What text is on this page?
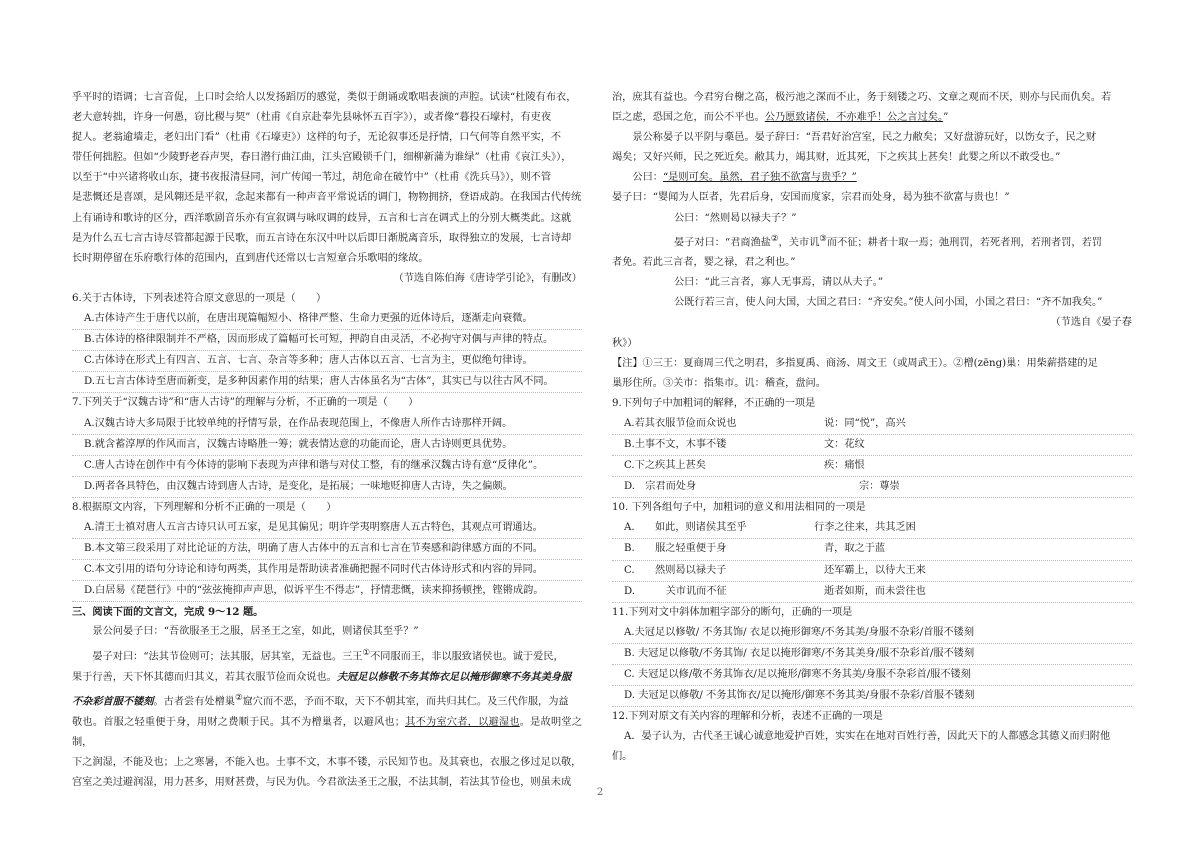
乎平时的语调；七言音促，上口时会给人以发扬蹈厉的感觉，类似于朗诵或歌唱表演的声腔。试读“杜陵有布衣，

老大意转拙，许身一何愚，窃比稷与契”（杜甫《自京赴奉先县咏怀五百字》），或者像“暮投石壕村，有吏夜

捉人。老翁逾墙走，老妇出门看”（杜甫《石壕吏》）这样的句子，无论叙事还是抒情，口气何等自然平实，不

带任何拙腔。但如“少陵野老吞声哭，春日潜行曲江曲，江头宫殿锁千门，细柳新蒲为谁绿”（杜甫《哀江头》），

以至于“中兴诸将收山东，捷书夜报清昼同，河广传闻一苇过，胡危命在破竹中”（杜甫《洗兵马》），则不管

是悲慨还是喜颂，是风翱还是平叙，念起来都有一种声音平常说话的调门，物物拥挤，登语成韵。在我国古代传统

上有诵诗和歌诗的区分，西洋歌剧音乐亦有宣叙调与咏叹调的歧异，五言和七言在调式上的分别大概类此。这就

是为什么五七言古诗尽管都起源于民歌，而五言诗在东汉中叶以后即日渐脱离音乐，取得独立的发展，七言诗却

长时期停留在乐府歌行体的范围内，直到唐代还常以七言短章合乐歌唱的缘故。

（节选自陈伯海《唐诗学引论》，有删改）

6.关于古体诗，下列表述符合原文意思的一项是（　　）

A.古体诗产生于唐代以前，在唐出现篇幅短小、格律严整、生命力更强的近体诗后，逐渐走向衰微。

B.古体诗的格律限制并不严格，因而形成了篇幅可长可短，押韵自由灵活，不必拘守对偶与声律的特点。

C.古体诗在形式上有四言、五言、七言、杂言等多种；唐人古体以五言、七言为主，更似绝句律诗。

D.五七言古体诗至唐而新变，是多种因素作用的结果；唐人古体虽名为“古体”，其实已与以往古风不同。

7.下列关于“汉魏古诗”和“唐人古诗”的理解与分析，不正确的一项是（　　）

A.汉魏古诗大多局限于比较单纯的抒情写景，在作品表现范围上，不像唐人所作古诗那样开阔。

B.就含蓄淳厚的作风而言，汉魏古诗略胜一筹；就表情达意的功能而论，唐人古诗则更具优势。

C.唐人古诗在创作中有今体诗的影响下表现为声律和谐与对仗工整，有的继承汉魏古诗有意“反律化”。

D.两者各具特色，由汉魏古诗到唐人古诗，是变化，是拓展；一味地贬抑唐人古诗，失之偏颇。

8.根据原文内容，下列理解和分析不正确的一项是（　　）

A.清王士禛对唐人五言古诗只认可五家，是见其偏见；明许学夷明察唐人五古特色，其观点可谓通达。

B.本文第三段采用了对比论证的方法，明确了唐人古体中的五言和七言在节奏感和韵律感方面的不同。

C.本文引用的语句分诗论和诗句两类，其作用是帮助读者准确把握不同时代古体诗形式和内容的异同。

D.白居易《琵琶行》中的“弦弦掩抑声声思，似诉平生不得志”，抒情悲慨，读来抑扬顿挫，铿锵成韵。

三、阅读下面的文言文，完成 9～12 题。

景公问晏子曰：“吾欲服圣王之服，居圣王之室，如此，则诸侯其至乎？”

晏子对曰：“法其节俭则可；法其服，居其室，无益也。三王①不同服而王，非以服致诸侯也。诚于爱民，

果于行善，天下怀其德而归其义，若其衣服节俭而众说也。夫冠足以修敬不务其饰衣足以掩形御寒不务其美身服

不杂彩首服不镂刻。古者尝有处橧巢②窟穴而不恶，予而不取，天下不朝其室，而共归其仁。及三代作服，为益

敬也。首服之轻重便于身，用财之费顺于民。其不为橧巢者，以避风也；其不为室穴者，以避湿也。是故明堂之制，

下之润湿，不能及也；上之寒暑，不能入也。土事不文，木事不镂，示民知节也。及其衰也，衣服之侈过足以敬，

宫室之美过避润湿，用力甚多，用财甚费，与民为仇。今君欲法圣王之服，不法其制，若法其节俭也，则虽未成

治，庶其有益也。今君穷台榭之高，极污池之深而不止，务于刻镂之巧、文章之观而不厌，则亦与民而仇矣。若

臣之虑，恐国之危，而公不平也。公乃愿致诸侯，不亦难乎！公之言过矣。”

景公称晏子以平阴与槀邑。晏子辞曰：“吾君好治宫室，民之力敝矣；又好盘游玩好，以饬女子，民之财

竭矣；又好兴师，民之死近矣。敝其力，竭其财，近其死，下之疾其上甚矣！此婴之所以不敢受也。”

公曰：“是则可矣。虽然，君子独不欲富与贵乎？”

晏子曰：“婴闻为人臣者，先君后身，安国而度家，宗君而处身，曷为独不欲富与贵也！”

公曰：“然则曷以禄夫子？”

晏子对曰：“君商渔盐②，关市讥③而不征；耕者十取一焉；弛刑罚，若死者刑，若刑者罚，若罚

者免。若此三言者，婴之禄，君之利也。”

公曰：“此三言者，寡人无事焉，请以从夫子。”

公既行若三言，使人问大国，大国之君曰：“齐安矣。”使人问小国，小国之君曰：“齐不加我矣。”

（节选自《晏子春

秋》）

【注】①三王：夏商周三代之明君，多指夏禹、商汤、周文王（或周武王）。②橧(zēng)巢：用柴薪搭建的足

巢形住所。③关市：指集市。讥：稽查，盘问。

9.下列句子中加粗词的解释，不正确的一项是

A.若其衣服节俭而众说也	说：同“悦”，高兴

B.土事不文，木事不镂	文：花纹

C.下之疾其上甚矣	疾：痛恨

D.　宗君而处身	宗：尊崇

10. 下列各组句子中，加粗词的意义和用法相同的一项是

A.　　如此，则诸侯其至乎	行李之往来，共其乏困

B.　　服之轻重便于身	青，取之于蓝

C.　　然则曷以禄夫子	还军霸上，以待大王来

D.　　　关市讥而不征	逝者如斯，而未尝往也

11.下列对文中斜体加粗字部分的断句，正确的一项是

A.夫冠足以修敬/ 不务其饰/ 衣足以掩形御寒/不务其美/身服不杂彩/首服不镂刻

B. 夫冠足以修敬/不务其饰/ 衣足以掩形御寒/不务其美身/服不杂彩首/服不镂刻

C. 夫冠足以修/敬不务其饰衣/足以掩形/御寒不务其美/身服不杂彩首/服不镂刻

D. 夫冠足以修敬/ 不务其饰衣/足以掩形/御寒不务其美/身服不杂彩/首服不镂刻

12.下列对原文有关内容的理解和分析，表述不正确的一项是

A．晏子认为，古代圣王诚心诚意地爱护百姓，实实在在地对百姓行善，因此天下的人都感念其德义而归附他

们。

2
